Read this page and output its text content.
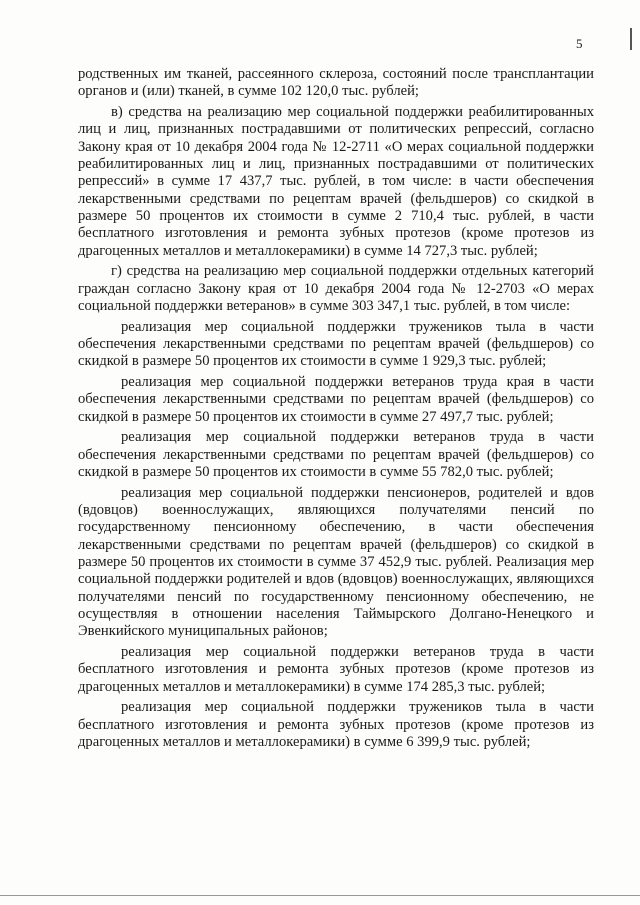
5

родственных им тканей, рассеянного склероза, состояний после трансплантации органов и (или) тканей, в сумме 102 120,0 тыс. рублей;

в) средства на реализацию мер социальной поддержки реабилитированных лиц и лиц, признанных пострадавшими от политических репрессий, согласно Закону края от 10 декабря 2004 года № 12-2711 «О мерах социальной поддержки реабилитированных лиц и лиц, признанных пострадавшими от политических репрессий» в сумме 17 437,7 тыс. рублей, в том числе: в части обеспечения лекарственными средствами по рецептам врачей (фельдшеров) со скидкой в размере 50 процентов их стоимости в сумме 2 710,4 тыс. рублей, в части бесплатного изготовления и ремонта зубных протезов (кроме протезов из драгоценных металлов и металлокерамики) в сумме 14 727,3 тыс. рублей;

г) средства на реализацию мер социальной поддержки отдельных категорий граждан согласно Закону края от 10 декабря 2004 года № 12-2703 «О мерах социальной поддержки ветеранов» в сумме 303 347,1 тыс. рублей, в том числе:

реализация мер социальной поддержки тружеников тыла в части обеспечения лекарственными средствами по рецептам врачей (фельдшеров) со скидкой в размере 50 процентов их стоимости в сумме 1 929,3 тыс. рублей;

реализация мер социальной поддержки ветеранов труда края в части обеспечения лекарственными средствами по рецептам врачей (фельдшеров) со скидкой в размере 50 процентов их стоимости в сумме 27 497,7 тыс. рублей;

реализация мер социальной поддержки ветеранов труда в части обеспечения лекарственными средствами по рецептам врачей (фельдшеров) со скидкой в размере 50 процентов их стоимости в сумме 55 782,0 тыс. рублей;

реализация мер социальной поддержки пенсионеров, родителей и вдов (вдовцов) военнослужащих, являющихся получателями пенсий по государственному пенсионному обеспечению, в части обеспечения лекарственными средствами по рецептам врачей (фельдшеров) со скидкой в размере 50 процентов их стоимости в сумме 37 452,9 тыс. рублей. Реализация мер социальной поддержки родителей и вдов (вдовцов) военнослужащих, являющихся получателями пенсий по государственному пенсионному обеспечению, не осуществляя в отношении населения Таймырского Долгано-Ненецкого и Эвенкийского муниципальных районов;

реализация мер социальной поддержки ветеранов труда в части бесплатного изготовления и ремонта зубных протезов (кроме протезов из драгоценных металлов и металлокерамики) в сумме 174 285,3 тыс. рублей;

реализация мер социальной поддержки тружеников тыла в части бесплатного изготовления и ремонта зубных протезов (кроме протезов из драгоценных металлов и металлокерамики) в сумме 6 399,9 тыс. рублей;
